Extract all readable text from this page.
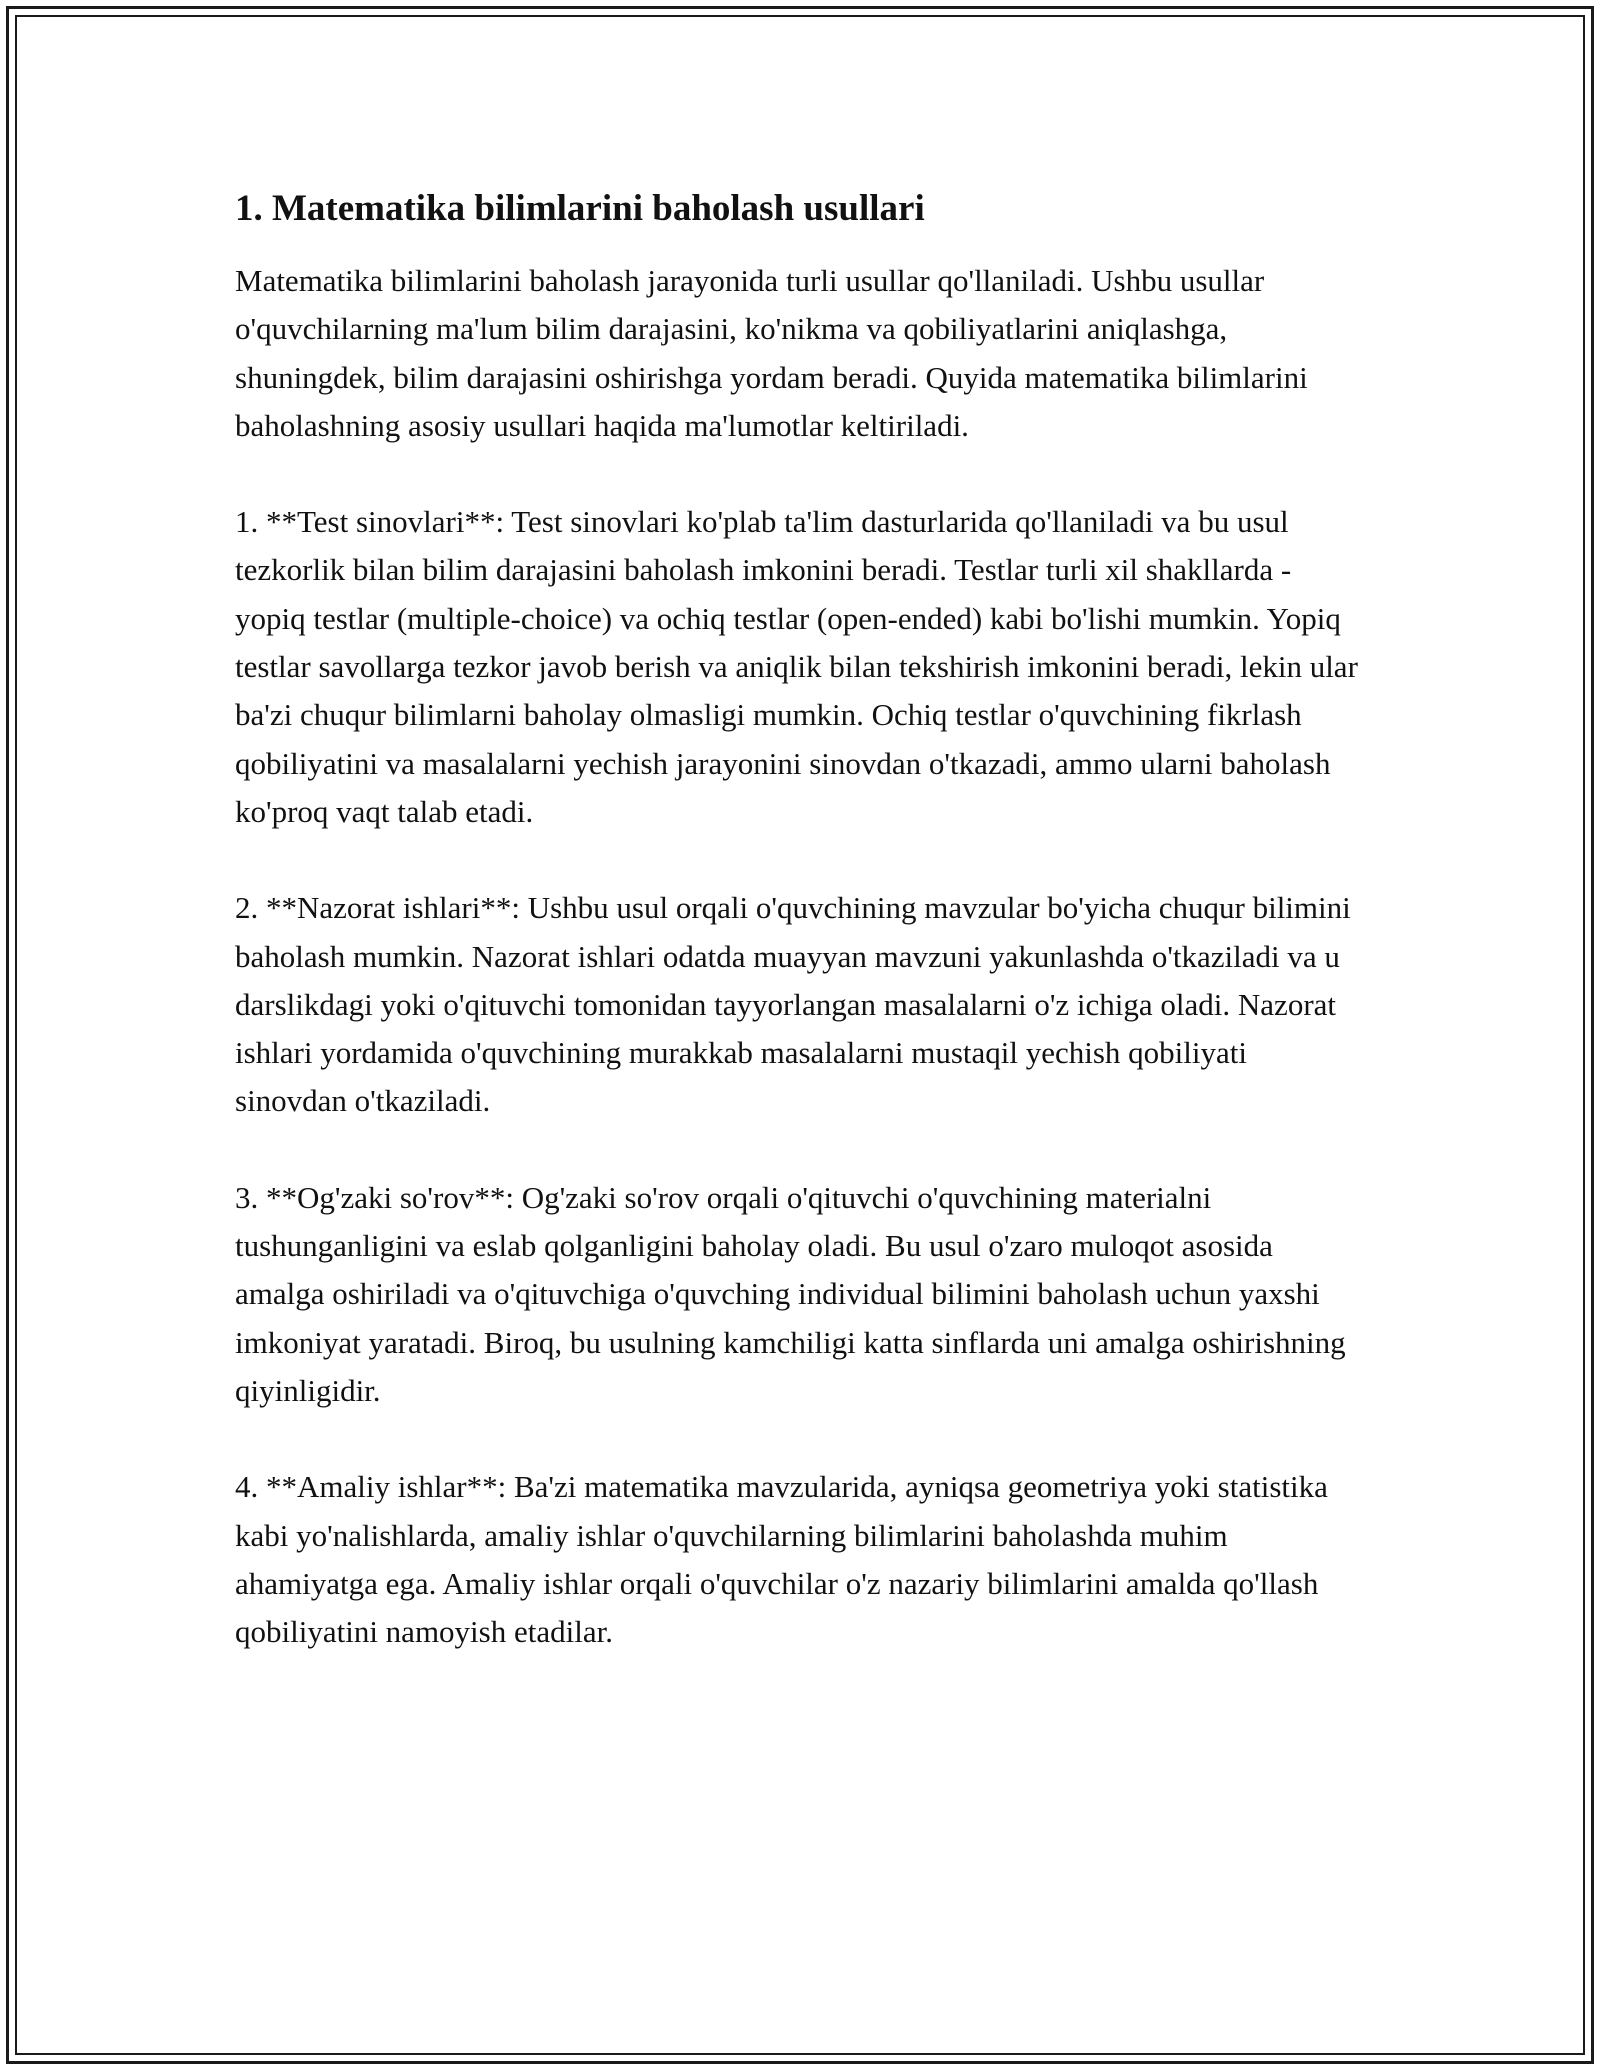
1. Matematika bilimlarini baholash usullari

Matematika bilimlarini baholash jarayonida turli usullar qo'llaniladi. Ushbu usullar o'quvchilarning ma'lum bilim darajasini, ko'nikma va qobiliyatlarini aniqlashga, shuningdek, bilim darajasini oshirishga yordam beradi. Quyida matematika bilimlarini baholashning asosiy usullari haqida ma'lumotlar keltiriladi.

1. **Test sinovlari**: Test sinovlari ko'plab ta'lim dasturlarida qo'llaniladi va bu usul tezkorlik bilan bilim darajasini baholash imkonini beradi. Testlar turli xil shakllarda - yopiq testlar (multiple-choice) va ochiq testlar (open-ended) kabi bo'lishi mumkin. Yopiq testlar savollarga tezkor javob berish va aniqlik bilan tekshirish imkonini beradi, lekin ular ba'zi chuqur bilimlarni baholay olmasligi mumkin. Ochiq testlar o'quvchining fikrlash qobiliyatini va masalalarni yechish jarayonini sinovdan o'tkazadi, ammo ularni baholash ko'proq vaqt talab etadi.

2. **Nazorat ishlari**: Ushbu usul orqali o'quvchining mavzular bo'yicha chuqur bilimini baholash mumkin. Nazorat ishlari odatda muayyan mavzuni yakunlashda o'tkaziladi va u darslikdagi yoki o'qituvchi tomonidan tayyorlangan masalalarni o'z ichiga oladi. Nazorat ishlari yordamida o'quvchining murakkab masalalarni mustaqil yechish qobiliyati sinovdan o'tkaziladi.

3. **Og'zaki so'rov**: Og'zaki so'rov orqali o'qituvchi o'quvchining materialni tushunganligini va eslab qolganligini baholay oladi. Bu usul o'zaro muloqot asosida amalga oshiriladi va o'qituvchiga o'quvching individual bilimini baholash uchun yaxshi imkoniyat yaratadi. Biroq, bu usulning kamchiligi katta sinflarda uni amalga oshirishning qiyinligidir.

4. **Amaliy ishlar**: Ba'zi matematika mavzularida, ayniqsa geometriya yoki statistika kabi yo'nalishlarda, amaliy ishlar o'quvchilarning bilimlarini baholashda muhim ahamiyatga ega. Amaliy ishlar orqali o'quvchilar o'z nazariy bilimlarini amalda qo'llash qobiliyatini namoyish etadilar.
